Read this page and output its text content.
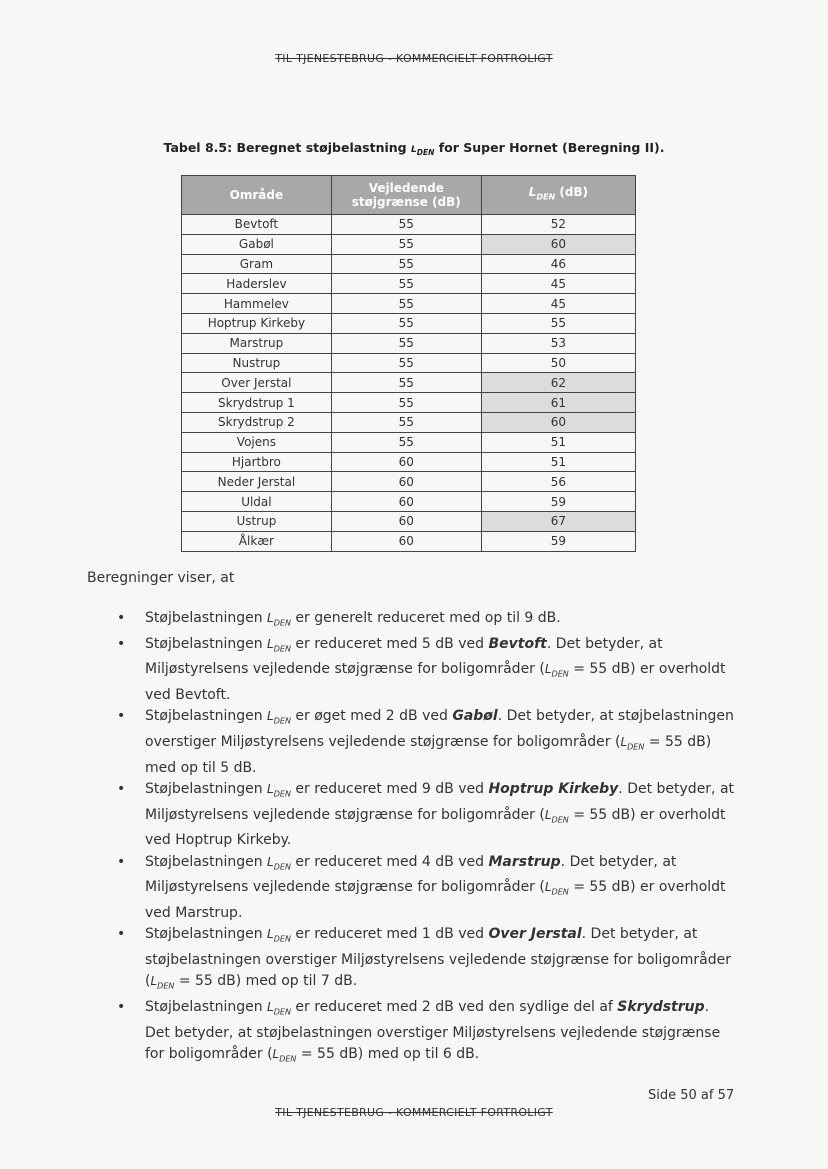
TIL TJENESTEBRUG - KOMMERCIELT FORTROLIGT
Tabel 8.5: Beregnet støjbelastning $L_{DEN}$ for Super Hornet (Beregning II).
Område	Vejledende støjgrænse (dB)	$L_{DEN}$ (dB)
Bevtoft	55	52
Gabøl	55	60
Gram	55	46
Haderslev	55	45
Hammelev	55	45
Hoptrup Kirkeby	55	55
Marstrup	55	53
Nustrup	55	50
Over Jerstal	55	62
Skrydstrup 1	55	61
Skrydstrup 2	55	60
Vojens	55	51
Hjartbro	60	51
Neder Jerstal	60	56
Uldal	60	59
Ustrup	60	67
Ålkær	60	59
Beregninger viser, at
• Støjbelastningen $L_{DEN}$ er generelt reduceret med op til 9 dB.
• Støjbelastningen $L_{DEN}$ er reduceret med 5 dB ved Bevtoft. Det betyder, at Miljøstyrelsens vejledende støjgrænse for boligområder ($L_{DEN} = 55$ dB) er overholdt ved Bevtoft.
• Støjbelastningen $L_{DEN}$ er øget med 2 dB ved Gabøl. Det betyder, at støjbelastningen overstiger Miljøstyrelsens vejledende støjgrænse for boligområder ($L_{DEN} = 55$ dB) med op til 5 dB.
• Støjbelastningen $L_{DEN}$ er reduceret med 9 dB ved Hoptrup Kirkeby. Det betyder, at Miljøstyrelsens vejledende støjgrænse for boligområder ($L_{DEN} = 55$ dB) er overholdt ved Hoptrup Kirkeby.
• Støjbelastningen $L_{DEN}$ er reduceret med 4 dB ved Marstrup. Det betyder, at Miljøstyrelsens vejledende støjgrænse for boligområder ($L_{DEN} = 55$ dB) er overholdt ved Marstrup.
• Støjbelastningen $L_{DEN}$ er reduceret med 1 dB ved Over Jerstal. Det betyder, at støjbelastningen overstiger Miljøstyrelsens vejledende støjgrænse for boligområder ($L_{DEN} = 55$ dB) med op til 7 dB.
• Støjbelastningen $L_{DEN}$ er reduceret med 2 dB ved den sydlige del af Skrydstrup. Det betyder, at støjbelastningen overstiger Miljøstyrelsens vejledende støjgrænse for boligområder ($L_{DEN} = 55$ dB) med op til 6 dB.
Side 50 af 57
TIL TJENESTEBRUG - KOMMERCIELT FORTROLIGT
